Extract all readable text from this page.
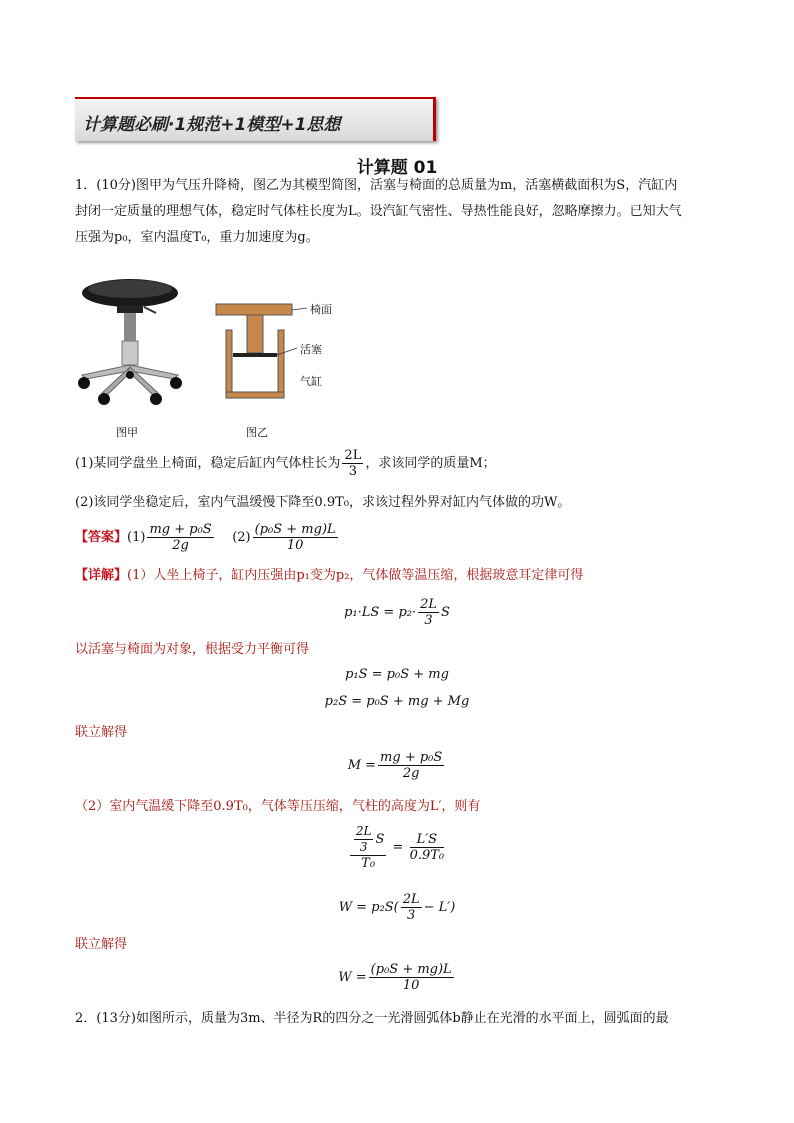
计算题必刷·1规范+1模型+1思想
计算题 01
1．(10分)图甲为气压升降椅，图乙为其模型简图，活塞与椅面的总质量为m，活塞横截面积为S，汽缸内
封闭一定质量的理想气体，稳定时气体柱长度为L。设汽缸气密性、导热性能良好，忽略摩擦力。已知大气
压强为p₀，室内温度T₀，重力加速度为g。
图甲
椅面
活塞
气缸
图乙
(1)某同学盘坐上椅面，稳定后缸内气体柱长为 $\frac{2L}{3}$ ，求该同学的质量M；
(2)该同学坐稳定后，室内气温缓慢下降至0.9T₀，求该过程外界对缸内气体做的功W。
【答案】$(1) \frac{\text{mg + p₀S}}{2g} (2) \frac{\text{(p₀S + mg)L}}{10}$
【详解】(1）人坐上椅子，缸内压强由p₁变为p₂，气体做等温压缩，根据玻意耳定律可得
$p_1\cdot LS = p_2\cdot \frac{2L}{3}$ S
以活塞与椅面为对象，根据受力平衡可得
p₁S = p₀S + mg
p₂S = p₀S + mg + Mg
联立解得
$M = \frac{\text{mg + p₀S}}{2g}$
（2）室内气温缓下降至0.9T₀，气体等压压缩，气柱的高度为L′，则有
$\frac{\frac{2L}{3} S}{\text{T₀}} = \frac{L'S}{\text{0.9T₀}}$
$W = p_2S( \frac{2L}{3} - L')$
联立解得
$W = \frac{\text{(p₀S + mg)L}}{10}$
2．(13分)如图所示，质量为3m、半径为R的四分之一光滑圆弧体b静止在光滑的水平面上，圆弧面的最
